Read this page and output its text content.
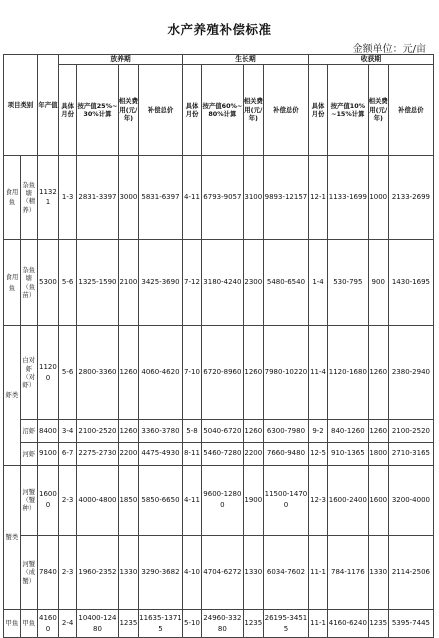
水产养殖补偿标准
金额单位：元/亩
项目类别		年产值	放养期				生长期				收获期			
			具体月份	按产值25%~30%计算	相关费用(元/年)	补偿总价	具体月份	按产值60%~80%计算	相关费用(元/年)	补偿总价	具体月份	按产值10%~15%计算	相关费用(元/年)	补偿总价
食用鱼	杂鱼塘（精养）	11321	1-3	2831-3397	3000	5831-6397	4-11	6793-9057	3100	9893-12157	12-1	1133-1699	1000	2133-2699
食用鱼	杂鱼塘（鱼苗）	5300	5-6	1325-1590	2100	3425-3690	7-12	3180-4240	2300	5480-6540	1-4	530-795	900	1430-1695
虾类	白对虾（对虾）	11200	5-6	2800-3360	1260	4060-4620	7-10	6720-8960	1260	7980-10220	11-4	1120-1680	1260	2380-2940
	沼虾	8400	3-4	2100-2520	1260	3360-3780	5-8	5040-6720	1260	6300-7980	9-2	840-1260	1260	2100-2520
	河虾	9100	6-7	2275-2730	2200	4475-4930	8-11	5460-7280	2200	7660-9480	12-5	910-1365	1800	2710-3165
蟹类	河蟹（蟹种）	16000	2-3	4000-4800	1850	5850-6650	4-11	9600-12800	1900	11500-14700	12-3	1600-2400	1600	3200-4000
	河蟹（成蟹）	7840	2-3	1960-2352	1330	3290-3682	4-10	4704-6272	1330	6034-7602	11-1	784-1176	1330	2114-2506
甲鱼	甲鱼	41600	2-4	10400-12480	1235	11635-13715	5-10	24960-33280	1235	26195-34515	11-1	4160-6240	1235	5395-7445
